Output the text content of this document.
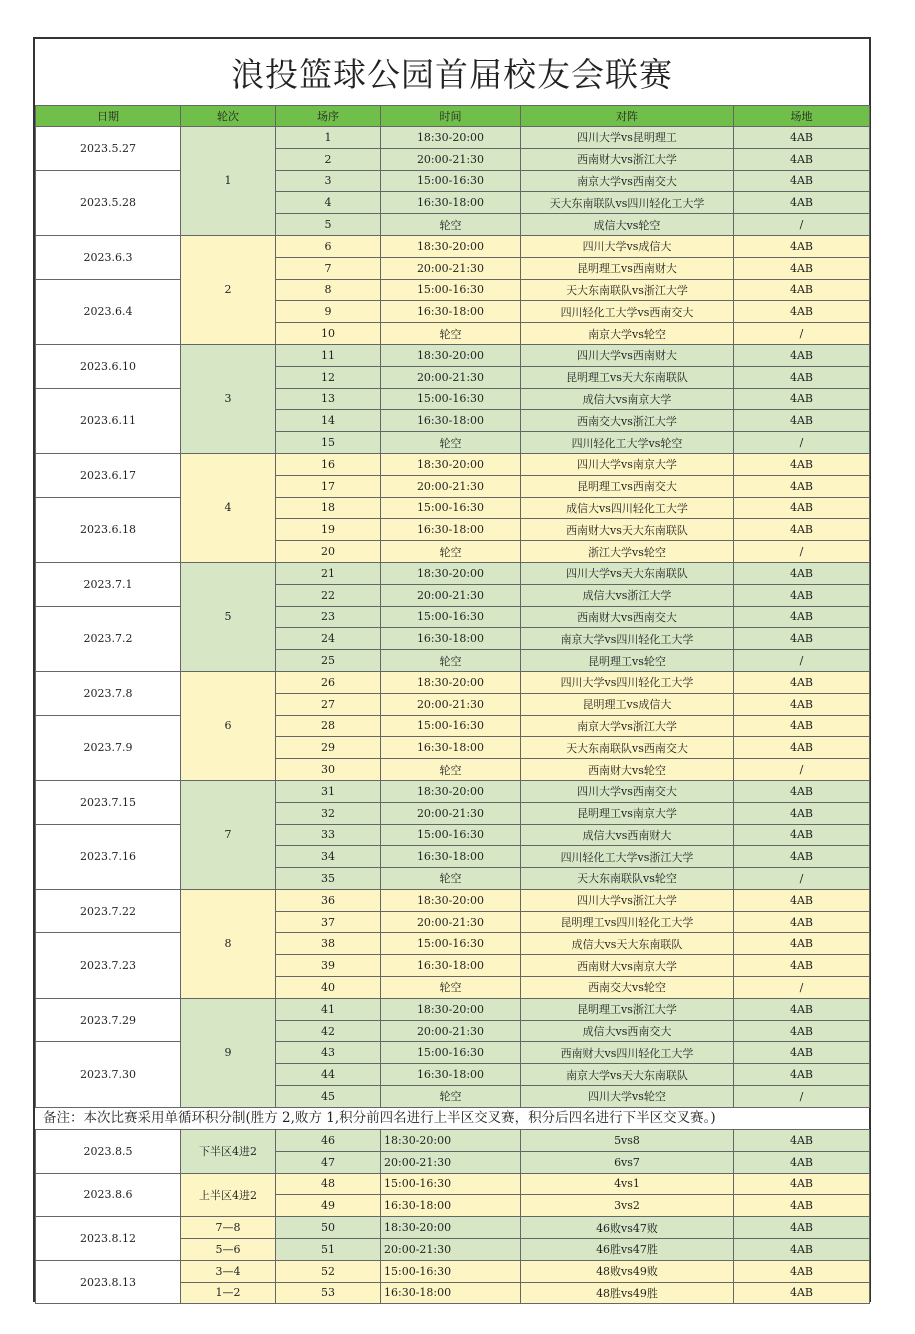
浪投篮球公园首届校友会联赛
日期	轮次	场序	时间	对阵	场地
2023.5.27	1	1	18:30-20:00	四川大学vs昆明理工	4AB
		2	20:00-21:30	西南财大vs浙江大学	4AB
2023.5.28		3	15:00-16:30	南京大学vs西南交大	4AB
		4	16:30-18:00	天大东南联队vs四川轻化工大学	4AB
		5	轮空	成信大vs轮空	/
2023.6.3	2	6	18:30-20:00	四川大学vs成信大	4AB
		7	20:00-21:30	昆明理工vs西南财大	4AB
2023.6.4		8	15:00-16:30	天大东南联队vs浙江大学	4AB
		9	16:30-18:00	四川轻化工大学vs西南交大	4AB
		10	轮空	南京大学vs轮空	/
2023.6.10	3	11	18:30-20:00	四川大学vs西南财大	4AB
		12	20:00-21:30	昆明理工vs天大东南联队	4AB
2023.6.11		13	15:00-16:30	成信大vs南京大学	4AB
		14	16:30-18:00	西南交大vs浙江大学	4AB
		15	轮空	四川轻化工大学vs轮空	/
2023.6.17	4	16	18:30-20:00	四川大学vs南京大学	4AB
		17	20:00-21:30	昆明理工vs西南交大	4AB
2023.6.18		18	15:00-16:30	成信大vs四川轻化工大学	4AB
		19	16:30-18:00	西南财大vs天大东南联队	4AB
		20	轮空	浙江大学vs轮空	/
2023.7.1	5	21	18:30-20:00	四川大学vs天大东南联队	4AB
		22	20:00-21:30	成信大vs浙江大学	4AB
2023.7.2		23	15:00-16:30	西南财大vs西南交大	4AB
		24	16:30-18:00	南京大学vs四川轻化工大学	4AB
		25	轮空	昆明理工vs轮空	/
2023.7.8	6	26	18:30-20:00	四川大学vs四川轻化工大学	4AB
		27	20:00-21:30	昆明理工vs成信大	4AB
2023.7.9		28	15:00-16:30	南京大学vs浙江大学	4AB
		29	16:30-18:00	天大东南联队vs西南交大	4AB
		30	轮空	西南财大vs轮空	/
2023.7.15	7	31	18:30-20:00	四川大学vs西南交大	4AB
		32	20:00-21:30	昆明理工vs南京大学	4AB
2023.7.16		33	15:00-16:30	成信大vs西南财大	4AB
		34	16:30-18:00	四川轻化工大学vs浙江大学	4AB
		35	轮空	天大东南联队vs轮空	/
2023.7.22	8	36	18:30-20:00	四川大学vs浙江大学	4AB
		37	20:00-21:30	昆明理工vs四川轻化工大学	4AB
2023.7.23		38	15:00-16:30	成信大vs天大东南联队	4AB
		39	16:30-18:00	西南财大vs南京大学	4AB
		40	轮空	西南交大vs轮空	/
2023.7.29	9	41	18:30-20:00	昆明理工vs浙江大学	4AB
		42	20:00-21:30	成信大vs西南交大	4AB
2023.7.30		43	15:00-16:30	西南财大vs四川轻化工大学	4AB
		44	16:30-18:00	南京大学vs天大东南联队	4AB
		45	轮空	四川大学vs轮空	/
备注：本次比赛采用单循环积分制(胜方 2,败方 1,积分前四名进行上半区交叉赛，积分后四名进行下半区交叉赛。)
2023.8.5	下半区4进2	46	18:30-20:00	5vs8	4AB
		47	20:00-21:30	6vs7	4AB
2023.8.6	上半区4进2	48	15:00-16:30	4vs1	4AB
		49	16:30-18:00	3vs2	4AB
2023.8.12	7—8	50	18:30-20:00	46败vs47败	4AB
	5—6	51	20:00-21:30	46胜vs47胜	4AB
2023.8.13	3—4	52	15:00-16:30	48败vs49败	4AB
	1—2	53	16:30-18:00	48胜vs49胜	4AB
